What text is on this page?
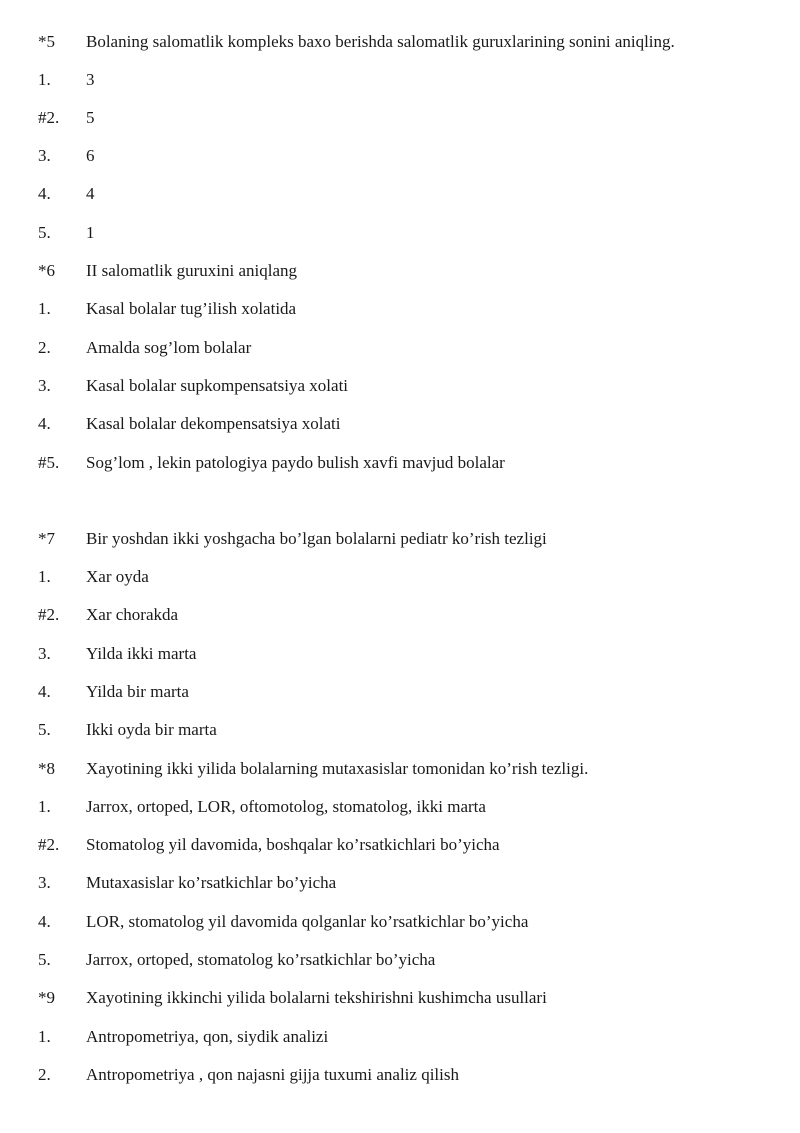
*5 Bolaning salomatlik kompleks baxo berishda salomatlik guruxlarining sonini aniqling.
1. 3
#2. 5
3. 6
4. 4
5. 1
*6 II salomatlik guruxini aniqlang
1. Kasal bolalar tug’ilish xolatida
2. Amalda sog’lom bolalar
3. Kasal bolalar supkompensatsiya xolati
4. Kasal bolalar dekompensatsiya xolati
#5. Sog’lom , lekin patologiya paydo bulish xavfi mavjud bolalar
*7 Bir yoshdan ikki yoshgacha bo’lgan bolalarni pediatr ko’rish tezligi
1. Xar oyda
#2. Xar chorakda
3. Yilda ikki marta
4. Yilda bir marta
5. Ikki oyda bir marta
*8 Xayotining ikki yilida bolalarning mutaxasislar tomonidan ko’rish tezligi.
1. Jarrox, ortoped, LOR, oftomotolog, stomatolog, ikki marta
#2. Stomatolog yil davomida, boshqalar ko’rsatkichlari bo’yicha
3. Mutaxasislar ko’rsatkichlar bo’yicha
4. LOR, stomatolog yil davomida qolganlar ko’rsatkichlar bo’yicha
5. Jarrox, ortoped, stomatolog ko’rsatkichlar bo’yicha
*9 Xayotining ikkinchi yilida bolalarni tekshirishni kushimcha usullari
1. Antropometriya, qon, siydik analizi
2. Antropometriya , qon najasni gijja tuxumi analiz qilish
